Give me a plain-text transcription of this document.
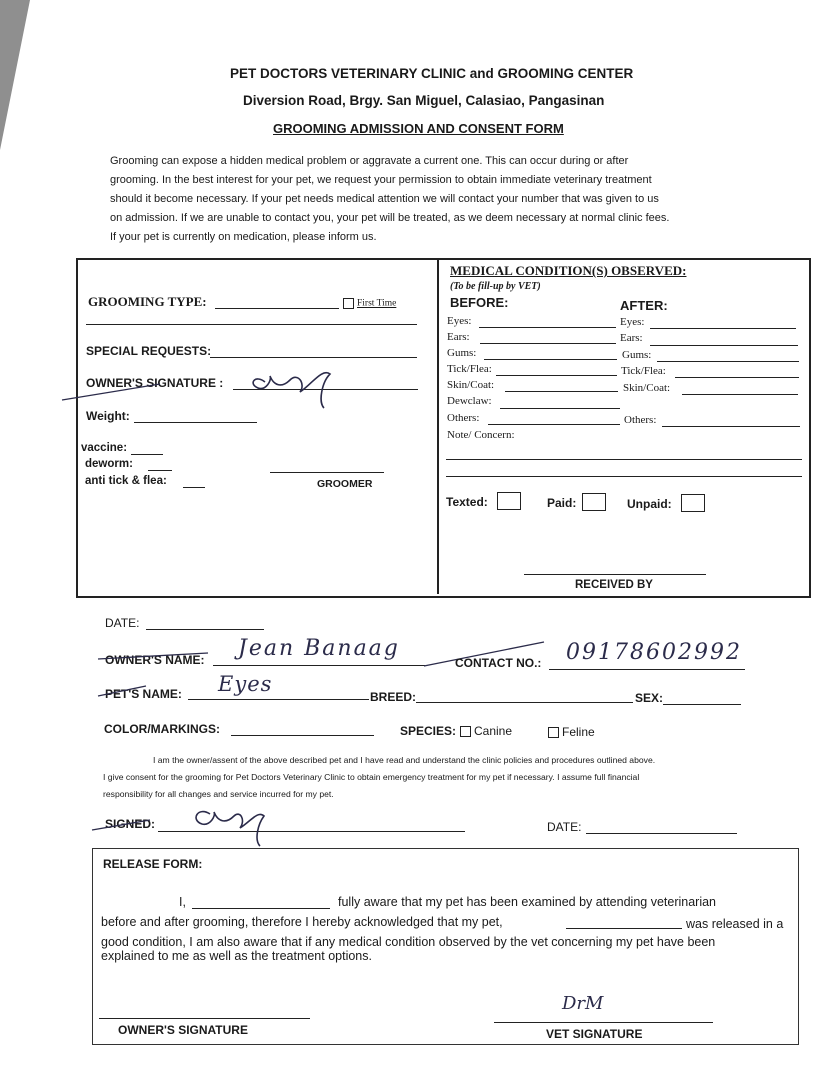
PET DOCTORS VETERINARY CLINIC and GROOMING CENTER
Diversion Road, Brgy. San Miguel, Calasiao, Pangasinan
GROOMING ADMISSION AND CONSENT FORM
Grooming can expose a hidden medical problem or aggravate a current one. This can occur during or after
grooming. In the best interest for your pet, we request your permission to obtain immediate veterinary treatment
should it become necessary. If your pet needs medical attention we will contact your number that was given to us
on admission. If we are unable to contact you, your pet will be treated, as we deem necessary at normal clinic fees.
If your pet is currently on medication, please inform us.
GROOMING TYPE:	First Time
SPECIAL REQUESTS:
OWNER'S SIGNATURE :
Weight:
vaccine:
deworm:
anti tick & flea:	GROOMER
MEDICAL CONDITION(S) OBSERVED:
(To be fill-up by VET)
BEFORE:	AFTER:
Eyes:	Eyes:
Ears:	Ears:
Gums:	Gums:
Tick/Flea:	Tick/Flea:
Skin/Coat:	Skin/Coat:
Dewclaw:
Others:	Others:
Note/ Concern:
Texted:	Paid:	Unpaid:
RECEIVED BY
DATE:
OWNER'S NAME: Jean Banaag
CONTACT NO.: 09178602992
PET'S NAME: Eyes
BREED:	SEX:
COLOR/MARKINGS:	SPECIES:	Canine	Feline
I am the owner/assent of the above described pet and I have read and understand the clinic policies and procedures outlined above.
I give consent for the grooming for Pet Doctors Veterinary Clinic to obtain emergency treatment for my pet if necessary. I assume full financial
responsibility for all changes and service incurred for my pet.
SIGNED:	DATE:
RELEASE FORM:
I,	fully aware that my pet has been examined by attending veterinarian
before and after grooming, therefore I hereby acknowledged that my pet,	was released in a
good condition, I am also aware that if any medical condition observed by the vet concerning my pet have been
explained to me as well as the treatment options.
OWNER'S SIGNATURE
DrM
VET SIGNATURE
